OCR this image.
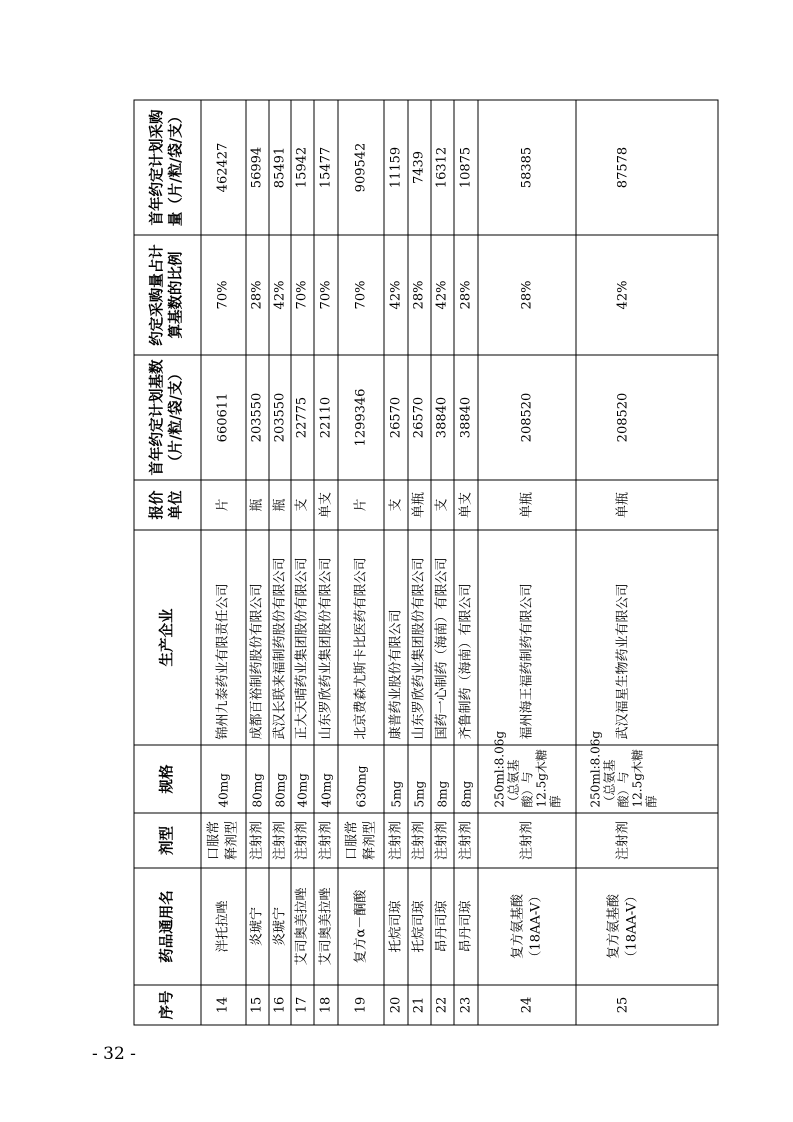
序号	药品通用名	剂型	规格	生产企业	报价单位	首年约定计划基数（片/粒/袋/支）	约定采购量占计算基数的比例	首年约定计划采购量（片/粒/袋/支）
14	泮托拉唑	口服常释剂型	40mg	锦州九泰药业有限责任公司	片	660611	70%	462427
15	炎琥宁	注射剂	80mg	成都百裕制药股份有限公司	瓶	203550	28%	56994
16	炎琥宁	注射剂	80mg	武汉长联来福制药股份有限公司	瓶	203550	42%	85491
17	艾司奥美拉唑	注射剂	40mg	正大天晴药业集团股份有限公司	支	22775	70%	15942
18	艾司奥美拉唑	注射剂	40mg	山东罗欣药业集团股份有限公司	单支	22110	70%	15477
19	复方α－酮酸	口服常释剂型	630mg	北京费森尤斯卡比医药有限公司	片	1299346	70%	909542
20	托烷司琼	注射剂	5mg	康普药业股份有限公司	支	26570	42%	11159
21	托烷司琼	注射剂	5mg	山东罗欣药业集团股份有限公司	单瓶	26570	28%	7439
22	昂丹司琼	注射剂	8mg	国药一心制药（海南）有限公司	支	38840	42%	16312
23	昂丹司琼	注射剂	8mg	齐鲁制药（海南）有限公司	单支	38840	28%	10875
24	复方氨基酸（18AA-V）	注射剂	250ml:8.06g（总氨基酸）与12.5g木糖醇	福州海王福药制药有限公司	单瓶	208520	28%	58385
25	复方氨基酸（18AA-V）	注射剂	250ml:8.06g（总氨基酸）与12.5g木糖醇	武汉福星生物药业有限公司	单瓶	208520	42%	87578
- 32 -
